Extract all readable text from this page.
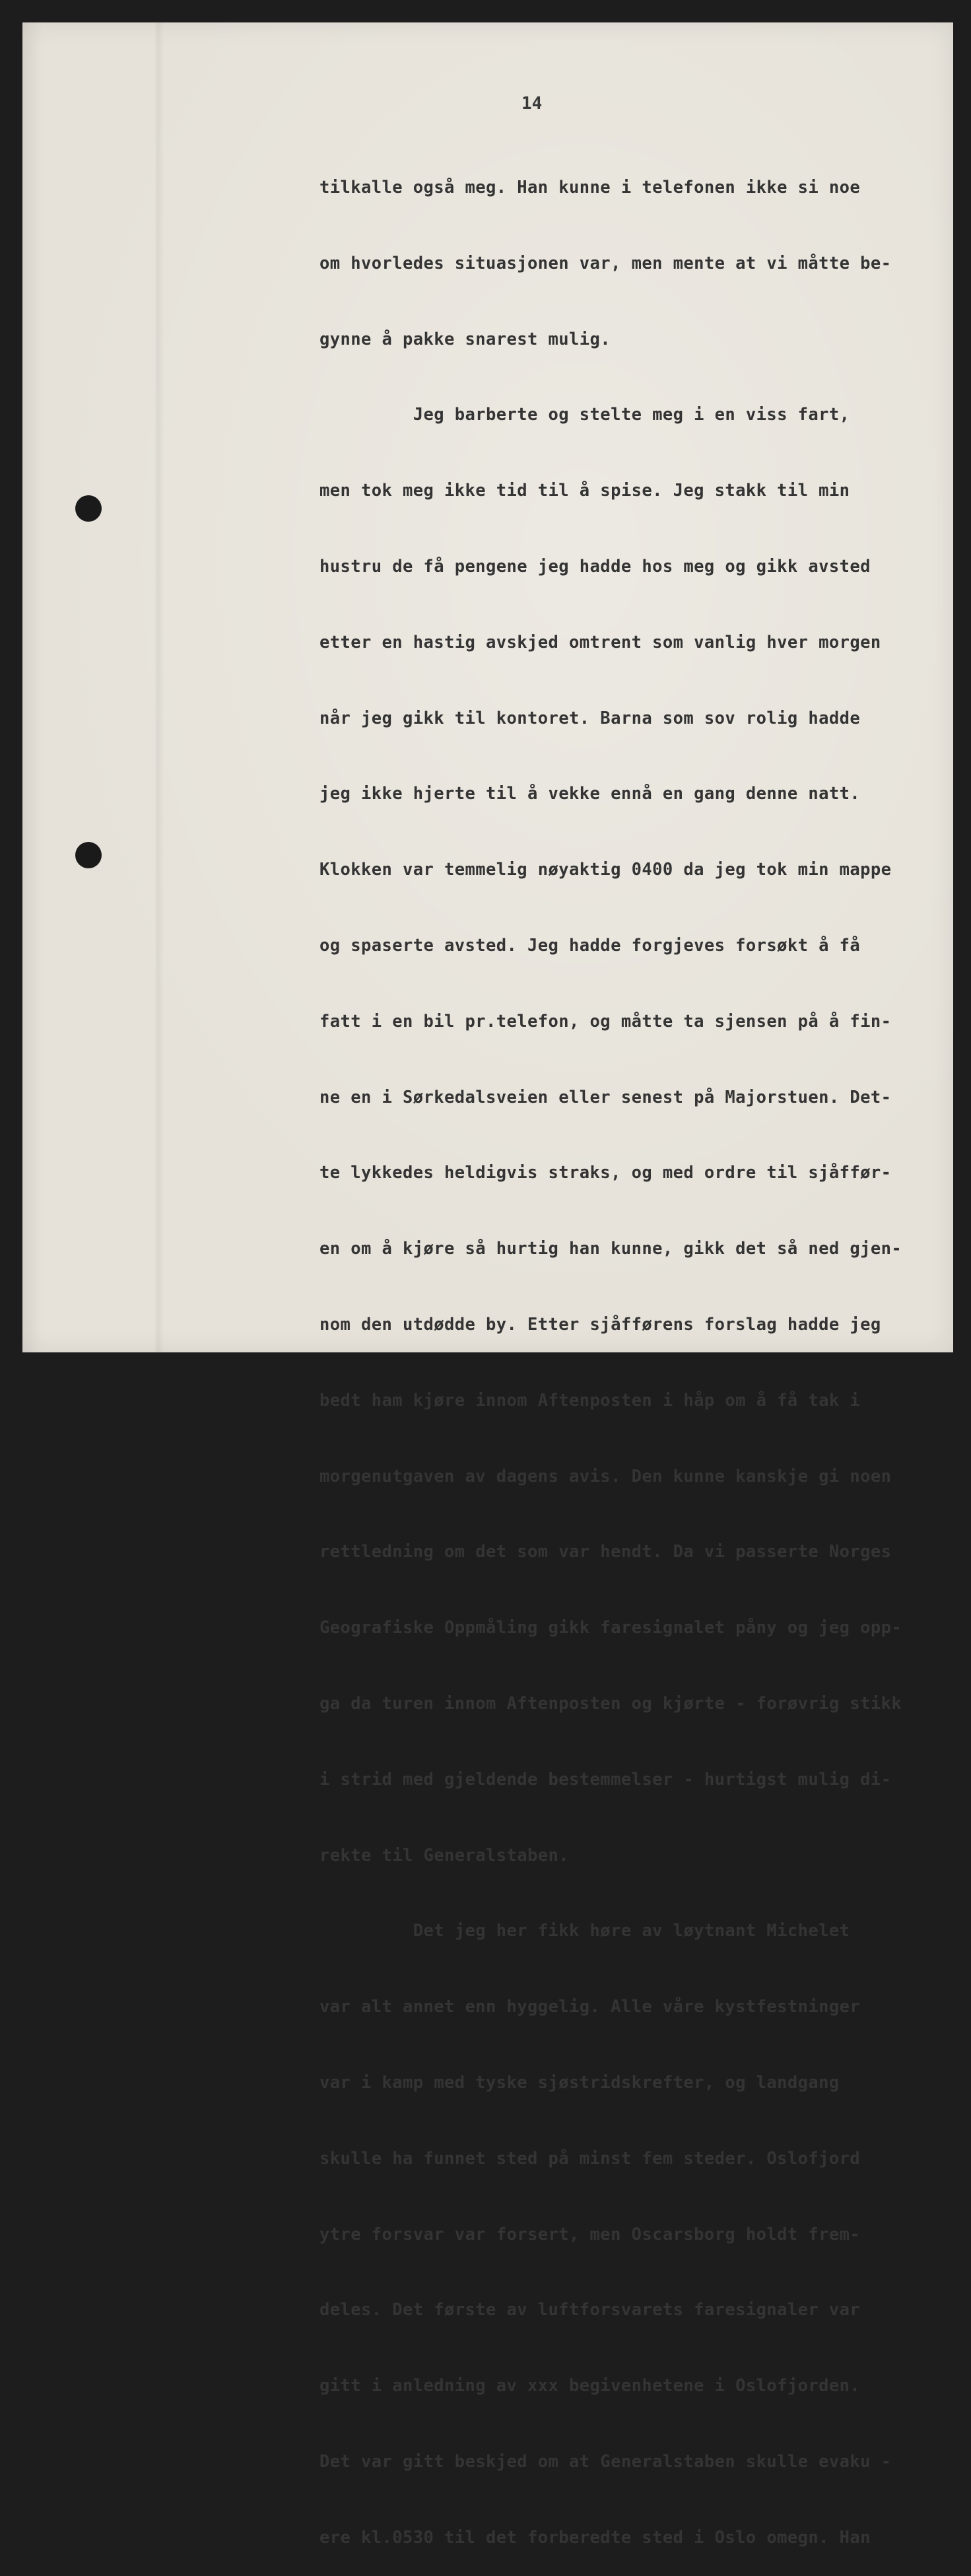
14

tilkalle også meg. Han kunne i telefonen ikke si noe

om hvorledes situasjonen var, men mente at vi måtte be-

gynne å pakke snarest mulig.

Jeg barberte og stelte meg i en viss fart,

men tok meg ikke tid til å spise. Jeg stakk til min

hustru de få pengene jeg hadde hos meg og gikk avsted

etter en hastig avskjed omtrent som vanlig hver morgen

når jeg gikk til kontoret. Barna som sov rolig hadde

jeg ikke hjerte til å vekke ennå en gang denne natt.

Klokken var temmelig nøyaktig 0400 da jeg tok min mappe

og spaserte avsted. Jeg hadde forgjeves forsøkt å få

fatt i en bil pr.telefon, og måtte ta sjensen på å fin-

ne en i Sørkedalsveien eller senest på Majorstuen. Det-

te lykkedes heldigvis straks, og med ordre til sjåffør-

en om å kjøre så hurtig han kunne, gikk det så ned gjen-

nom den utdødde by. Etter sjåfførens forslag hadde jeg

bedt ham kjøre innom Aftenposten i håp om å få tak i

morgenutgaven av dagens avis. Den kunne kanskje gi noen

rettledning om det som var hendt. Da vi passerte Norges

Geografiske Oppmåling gikk faresignalet påny og jeg opp-

ga da turen innom Aftenposten og kjørte - forøvrig stikk

i strid med gjeldende bestemmelser - hurtigst mulig di-

rekte til Generalstaben.

Det jeg her fikk høre av løytnant Michelet

var alt annet enn hyggelig. Alle våre kystfestninger

var i kamp med tyske sjøstridskrefter, og landgang

skulle ha funnet sted på minst fem steder. Oslofjord

ytre forsvar var forsert, men Oscarsborg holdt frem-

deles. Det første av luftforsvarets faresignaler var

gitt i anledning av xxx begivenhetene i Oslofjorden.

Det var gitt beskjed om at Generalstaben skulle evaku -

ere kl.0530 til det forberedte sted i Oslo omegn. Han
